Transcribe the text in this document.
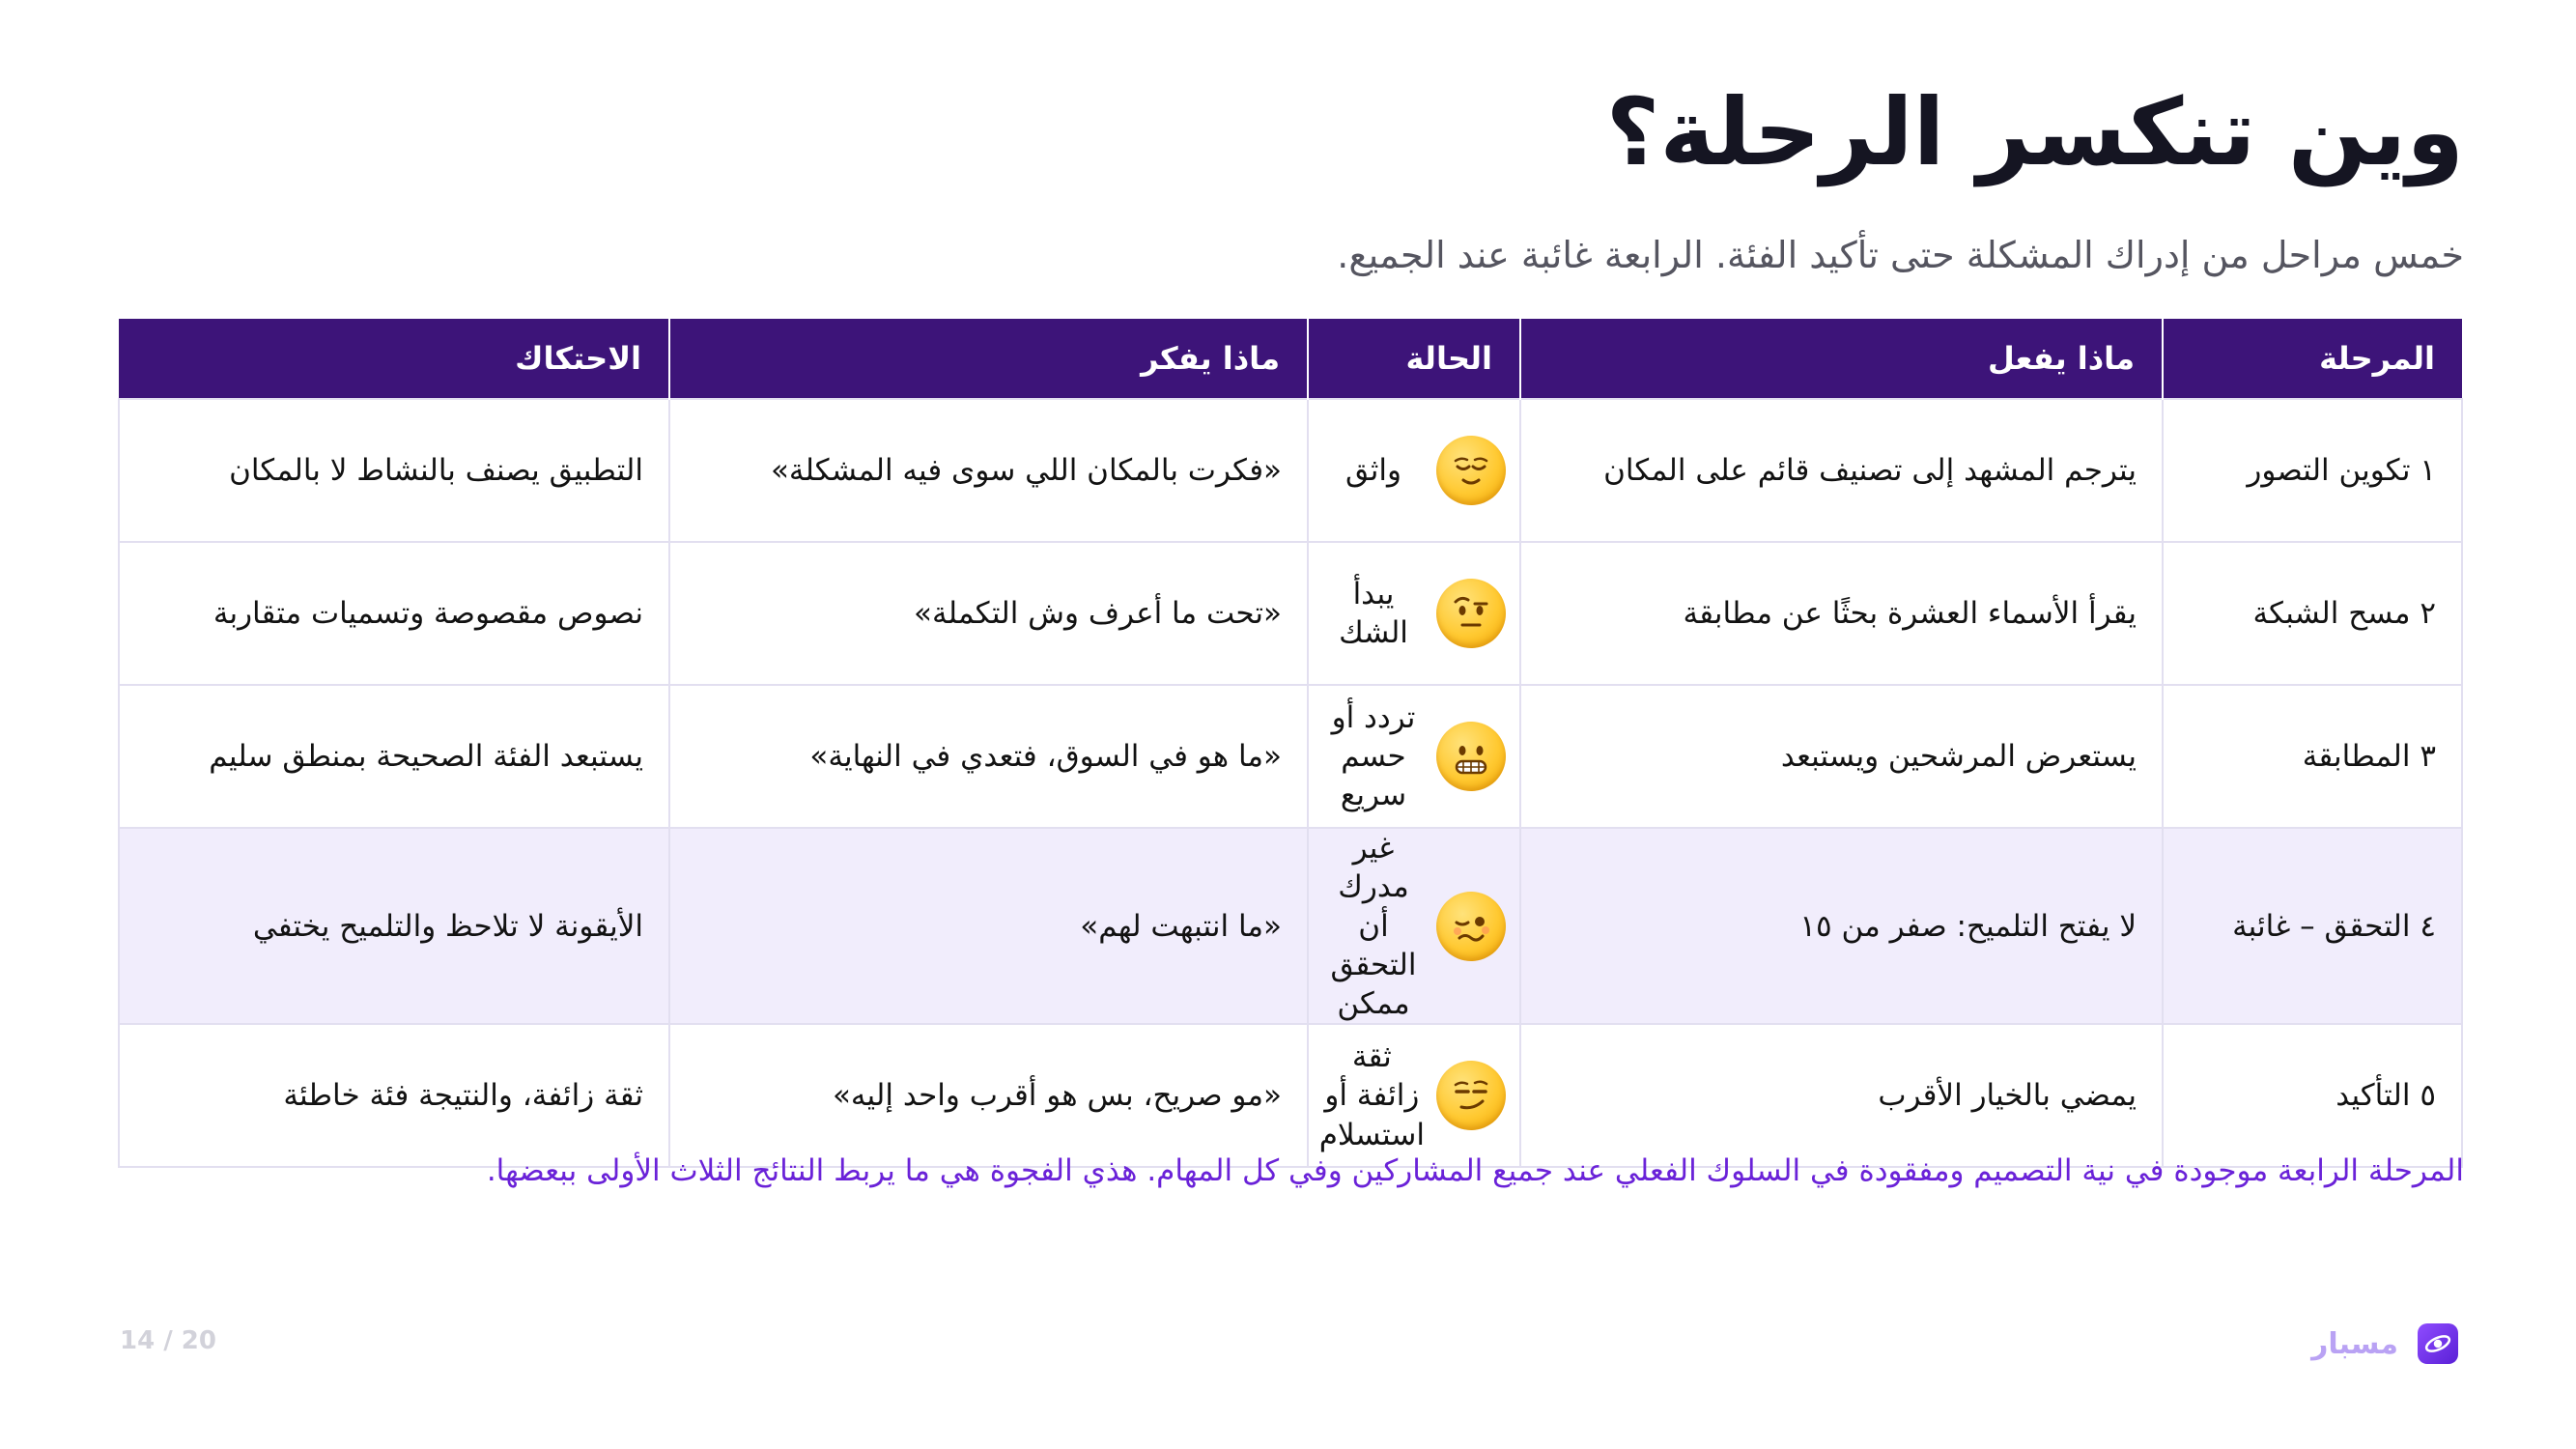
وين تنكسر الرحلة؟

خمس مراحل من إدراك المشكلة حتى تأكيد الفئة. الرابعة غائبة عند الجميع.

المرحلة	ماذا يفعل	الحالة	ماذا يفكر	الاحتكاك
١ تكوين التصور	يترجم المشهد إلى تصنيف قائم على المكان	واثق	«فكرت بالمكان اللي سوى فيه المشكلة»	التطبيق يصنف بالنشاط لا بالمكان
٢ مسح الشبكة	يقرأ الأسماء العشرة بحثًا عن مطابقة	يبدأ الشك	«تحت ما أعرف وش التكملة»	نصوص مقصوصة وتسميات متقاربة
٣ المطابقة	يستعرض المرشحين ويستبعد	تردد أو حسم سريع	«ما هو في السوق، فتعدي في النهاية»	يستبعد الفئة الصحيحة بمنطق سليم
٤ التحقق – غائبة	لا يفتح التلميح: صفر من ١٥	غير مدرك أن التحقق ممكن	«ما انتبهت لهم»	الأيقونة لا تلاحظ والتلميح يختفي
٥ التأكيد	يمضي بالخيار الأقرب	ثقة زائفة أو استسلام	«مو صريح، بس هو أقرب واحد إليه»	ثقة زائفة، والنتيجة فئة خاطئة

المرحلة الرابعة موجودة في نية التصميم ومفقودة في السلوك الفعلي عند جميع المشاركين وفي كل المهام. هذي الفجوة هي ما يربط النتائج الثلاث الأولى ببعضها.

مسبار
14 / 20
